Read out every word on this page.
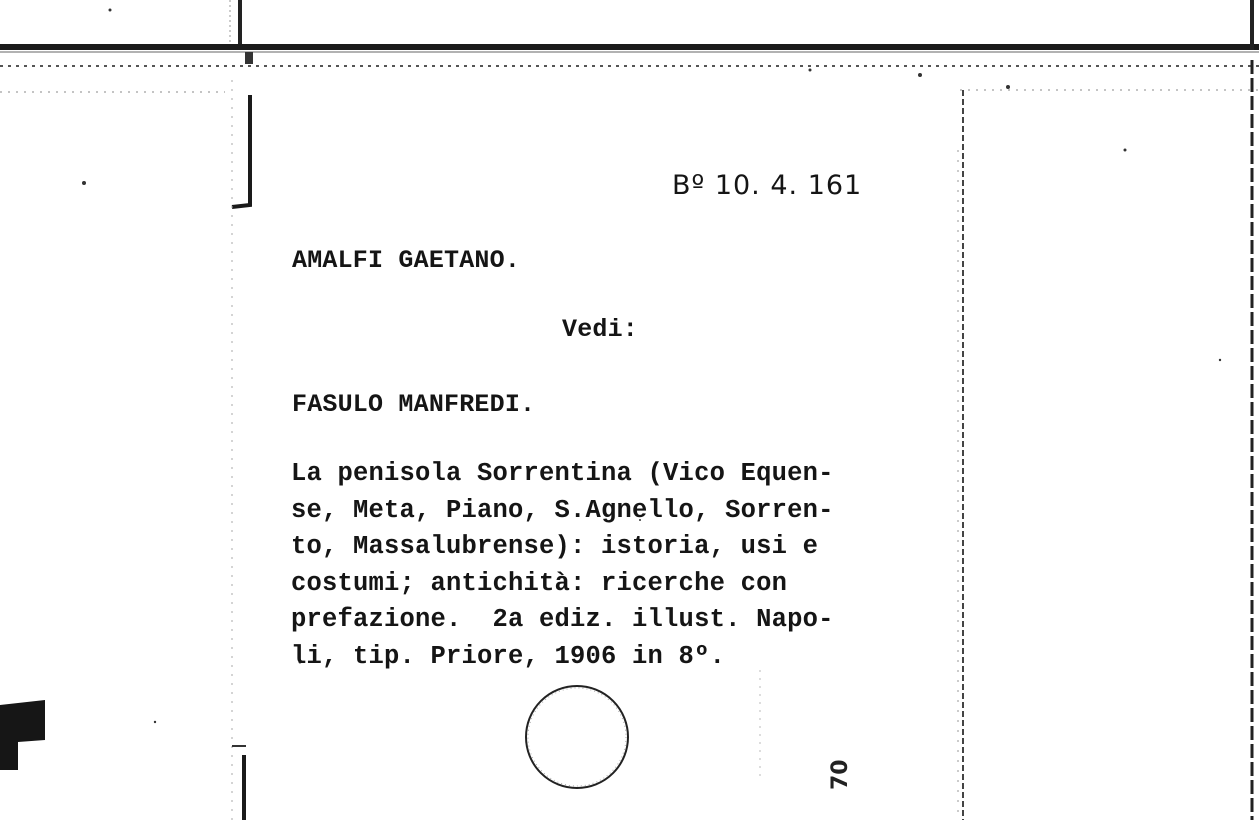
Bº 10. 4. 161
AMALFI GAETANO.
Vedi:
FASULO MANFREDI.
La penisola Sorrentina (Vico Equen-
se, Meta, Piano, S.Agnello, Sorren-
to, Massalubrense): istoria, usi e
costumi; antichità: ricerche con
prefazione.  2a ediz. illust. Napo-
li, tip. Priore, 1906 in 8º.
70
